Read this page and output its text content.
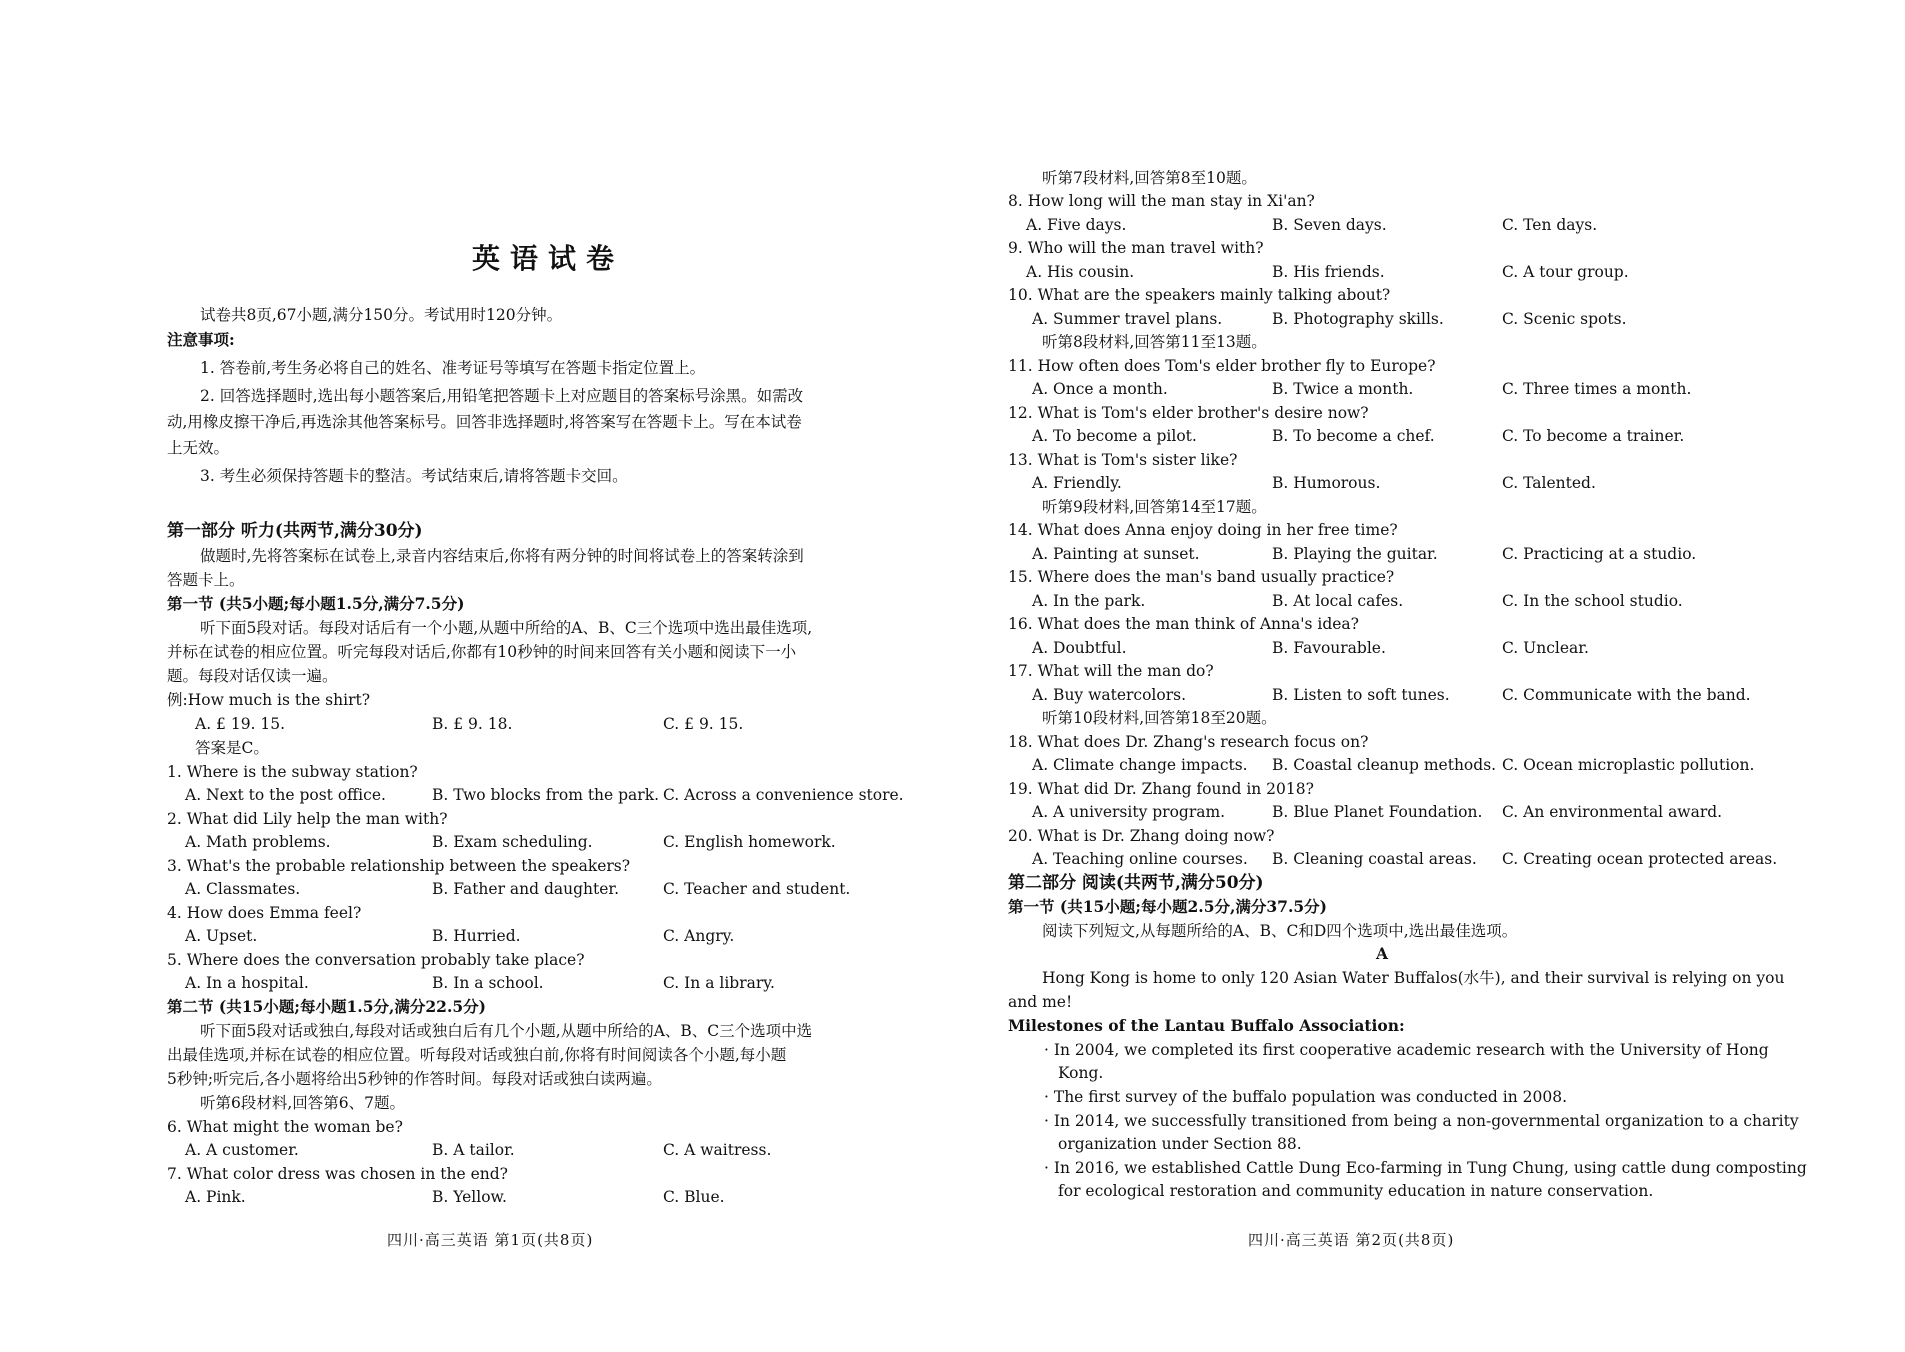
英语试卷
试卷共8页,67小题,满分150分。考试用时120分钟。
注意事项:
1. 答卷前,考生务必将自己的姓名、准考证号等填写在答题卡指定位置上。
2. 回答选择题时,选出每小题答案后,用铅笔把答题卡上对应题目的答案标号涂黑。如需改
动,用橡皮擦干净后,再选涂其他答案标号。回答非选择题时,将答案写在答题卡上。写在本试卷
上无效。
3. 考生必须保持答题卡的整洁。考试结束后,请将答题卡交回。
第一部分 听力(共两节,满分30分)
做题时,先将答案标在试卷上,录音内容结束后,你将有两分钟的时间将试卷上的答案转涂到
答题卡上。
第一节 (共5小题;每小题1.5分,满分7.5分)
听下面5段对话。每段对话后有一个小题,从题中所给的A、B、C三个选项中选出最佳选项,
并标在试卷的相应位置。听完每段对话后,你都有10秒钟的时间来回答有关小题和阅读下一小
题。每段对话仅读一遍。
例:How much is the shirt?
A. £ 19. 15.	B. £ 9. 18.	C. £ 9. 15.
答案是C。
1. Where is the subway station?
A. Next to the post office.	B. Two blocks from the park. C. Across a convenience store.
2. What did Lily help the man with?
A. Math problems.	B. Exam scheduling.	C. English homework.
3. What's the probable relationship between the speakers?
A. Classmates.	B. Father and daughter.	C. Teacher and student.
4. How does Emma feel?
A. Upset.	B. Hurried.	C. Angry.
5. Where does the conversation probably take place?
A. In a hospital.	B. In a school.	C. In a library.
第二节 (共15小题;每小题1.5分,满分22.5分)
听下面5段对话或独白,每段对话或独白后有几个小题,从题中所给的A、B、C三个选项中选
出最佳选项,并标在试卷的相应位置。听每段对话或独白前,你将有时间阅读各个小题,每小题
5秒钟;听完后,各小题将给出5秒钟的作答时间。每段对话或独白读两遍。
听第6段材料,回答第6、7题。
6. What might the woman be?
A. A customer.	B. A tailor.	C. A waitress.
7. What color dress was chosen in the end?
A. Pink.	B. Yellow.	C. Blue.
四川·高三英语 第1页(共8页)
听第7段材料,回答第8至10题。
8. How long will the man stay in Xi'an?
A. Five days.	B. Seven days.	C. Ten days.
9. Who will the man travel with?
A. His cousin.	B. His friends.	C. A tour group.
10. What are the speakers mainly talking about?
A. Summer travel plans.	B. Photography skills.	C. Scenic spots.
听第8段材料,回答第11至13题。
11. How often does Tom's elder brother fly to Europe?
A. Once a month.	B. Twice a month.	C. Three times a month.
12. What is Tom's elder brother's desire now?
A. To become a pilot.	B. To become a chef.	C. To become a trainer.
13. What is Tom's sister like?
A. Friendly.	B. Humorous.	C. Talented.
听第9段材料,回答第14至17题。
14. What does Anna enjoy doing in her free time?
A. Painting at sunset.	B. Playing the guitar.	C. Practicing at a studio.
15. Where does the man's band usually practice?
A. In the park.	B. At local cafes.	C. In the school studio.
16. What does the man think of Anna's idea?
A. Doubtful.	B. Favourable.	C. Unclear.
17. What will the man do?
A. Buy watercolors.	B. Listen to soft tunes.	C. Communicate with the band.
听第10段材料,回答第18至20题。
18. What does Dr. Zhang's research focus on?
A. Climate change impacts. B. Coastal cleanup methods. C. Ocean microplastic pollution.
19. What did Dr. Zhang found in 2018?
A. A university program.	B. Blue Planet Foundation. C. An environmental award.
20. What is Dr. Zhang doing now?
A. Teaching online courses. B. Cleaning coastal areas. C. Creating ocean protected areas.
第二部分 阅读(共两节,满分50分)
第一节 (共15小题;每小题2.5分,满分37.5分)
阅读下列短文,从每题所给的A、B、C和D四个选项中,选出最佳选项。
A
Hong Kong is home to only 120 Asian Water Buffalos(水牛), and their survival is relying on you
and me!
Milestones of the Lantau Buffalo Association:
· In 2004, we completed its first cooperative academic research with the University of Hong
Kong.
· The first survey of the buffalo population was conducted in 2008.
· In 2014, we successfully transitioned from being a non-governmental organization to a charity
organization under Section 88.
· In 2016, we established Cattle Dung Eco-farming in Tung Chung, using cattle dung composting
for ecological restoration and community education in nature conservation.
四川·高三英语 第2页(共8页)
